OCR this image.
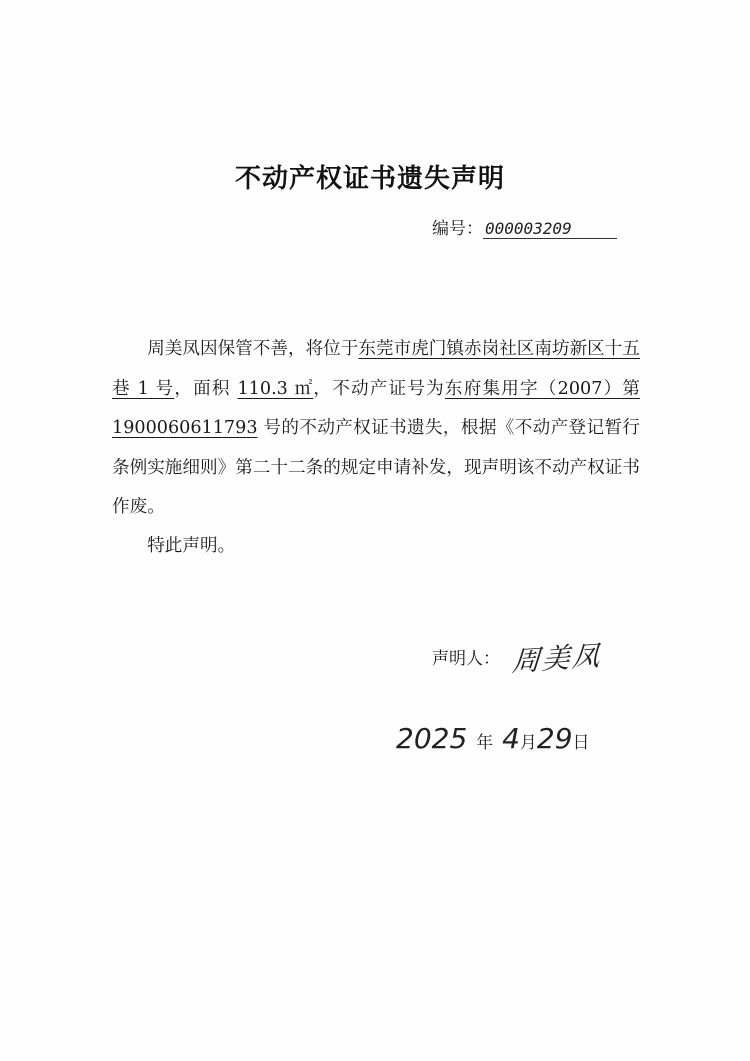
不动产权证书遗失声明
编号： 000003209

周美凤因保管不善，将位于东莞市虎门镇赤岗社区南坊新区十五巷 1 号，面积 110.3 ㎡，不动产证号为东府集用字（2007）第 1900060611793 号的不动产权证书遗失，根据《不动产登记暂行条例实施细则》第二十二条的规定申请补发，现声明该不动产权证书作废。

特此声明。
声明人： 周美凤
2025 年 4月29日
